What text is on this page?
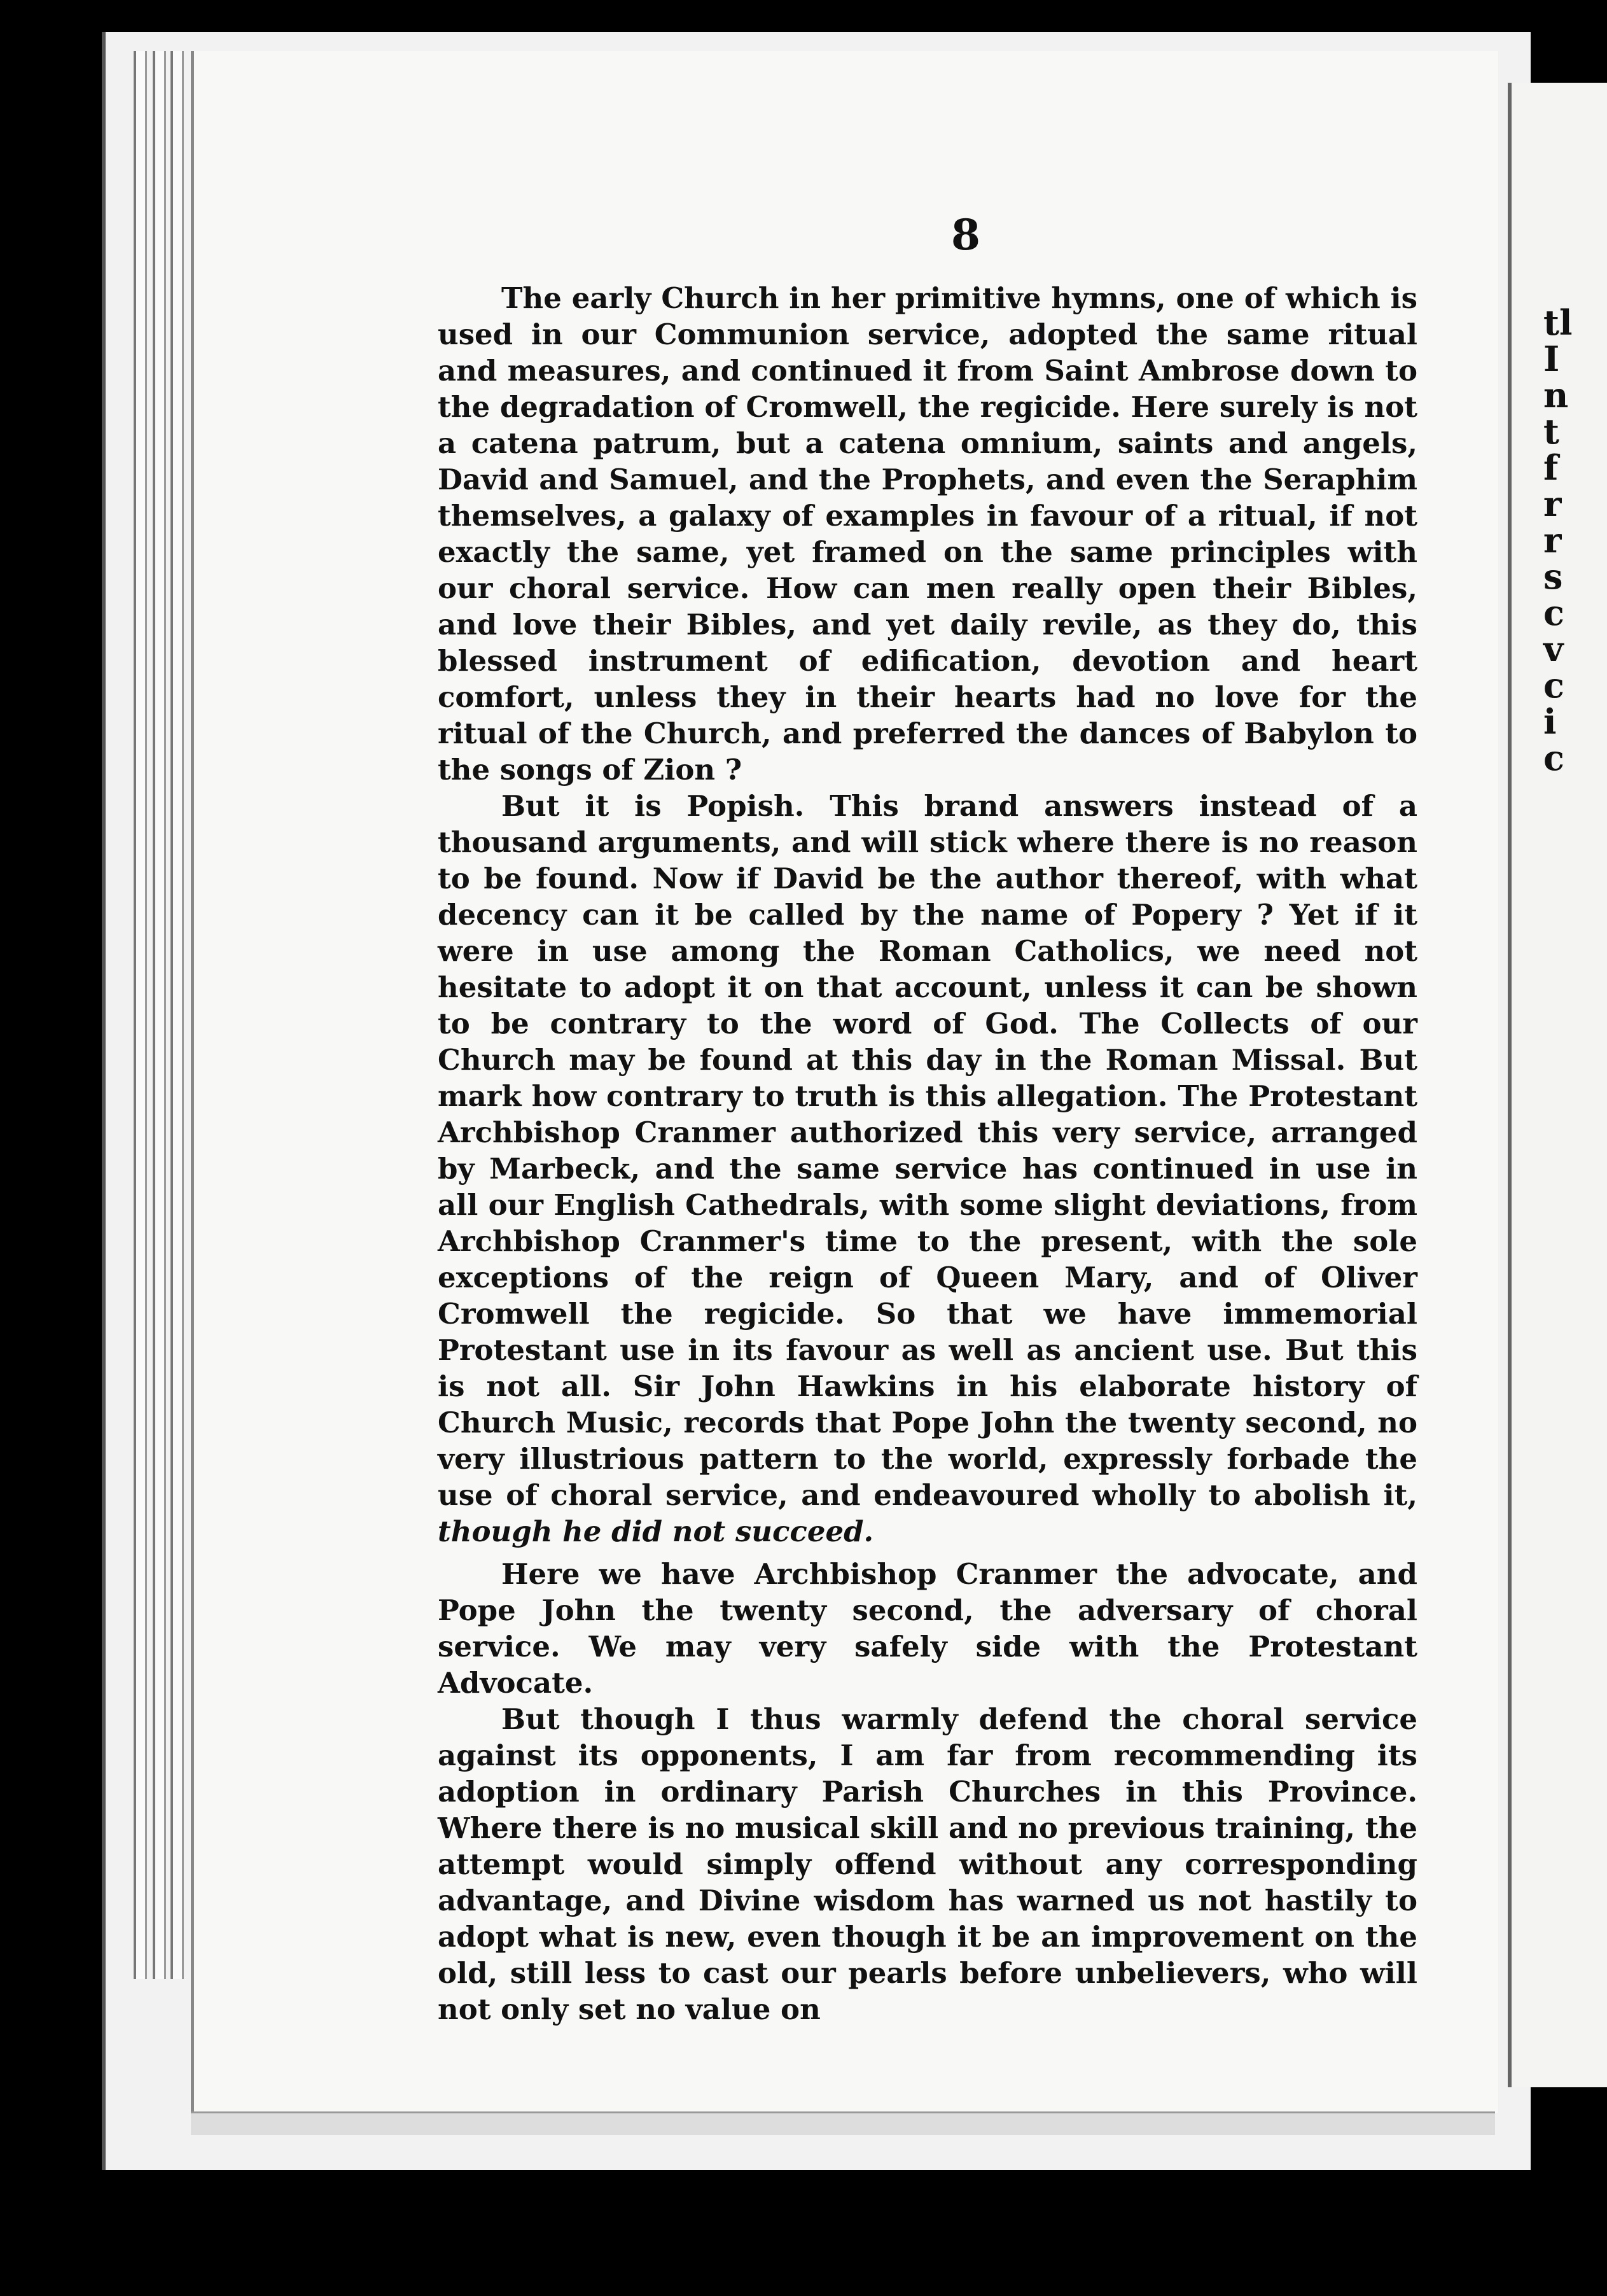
tl
I
n
t
f
r
r
s
c
v
c
i
c
8

The early Church in her primitive hymns, one of which is used in our Communion service, adopted the same ritual and measures, and continued it from Saint Ambrose down to the degradation of Cromwell, the regicide. Here surely is not a catena patrum, but a catena omnium, saints and angels, David and Samuel, and the Prophets, and even the Seraphim themselves, a galaxy of examples in favour of a ritual, if not exactly the same, yet framed on the same principles with our choral service. How can men really open their Bibles, and love their Bibles, and yet daily revile, as they do, this blessed instrument of edification, devotion and heart comfort, unless they in their hearts had no love for the ritual of the Church, and preferred the dances of Babylon to the songs of Zion ?

But it is Popish. This brand answers instead of a thousand arguments, and will stick where there is no reason to be found. Now if David be the author thereof, with what decency can it be called by the name of Popery ? Yet if it were in use among the Roman Catholics, we need not hesitate to adopt it on that account, unless it can be shown to be contrary to the word of God. The Collects of our Church may be found at this day in the Roman Missal. But mark how contrary to truth is this allegation. The Protestant Archbishop Cranmer authorized this very service, arranged by Marbeck, and the same service has continued in use in all our English Cathedrals, with some slight deviations, from Archbishop Cranmer's time to the present, with the sole exceptions of the reign of Queen Mary, and of Oliver Cromwell the regicide. So that we have immemorial Protestant use in its favour as well as ancient use. But this is not all. Sir John Hawkins in his elaborate history of Church Music, records that Pope John the twenty second, no very illustrious pattern to the world, expressly forbade the use of choral service, and endeavoured wholly to abolish it, though he did not succeed.

Here we have Archbishop Cranmer the advocate, and Pope John the twenty second, the adversary of choral service. We may very safely side with the Protestant Advocate.

But though I thus warmly defend the choral service against its opponents, I am far from recommending its adoption in ordinary Parish Churches in this Province. Where there is no musical skill and no previous training, the attempt would simply offend without any corresponding advantage, and Divine wisdom has warned us not hastily to adopt what is new, even though it be an improvement on the old, still less to cast our pearls before unbelievers, who will not only set no value on
